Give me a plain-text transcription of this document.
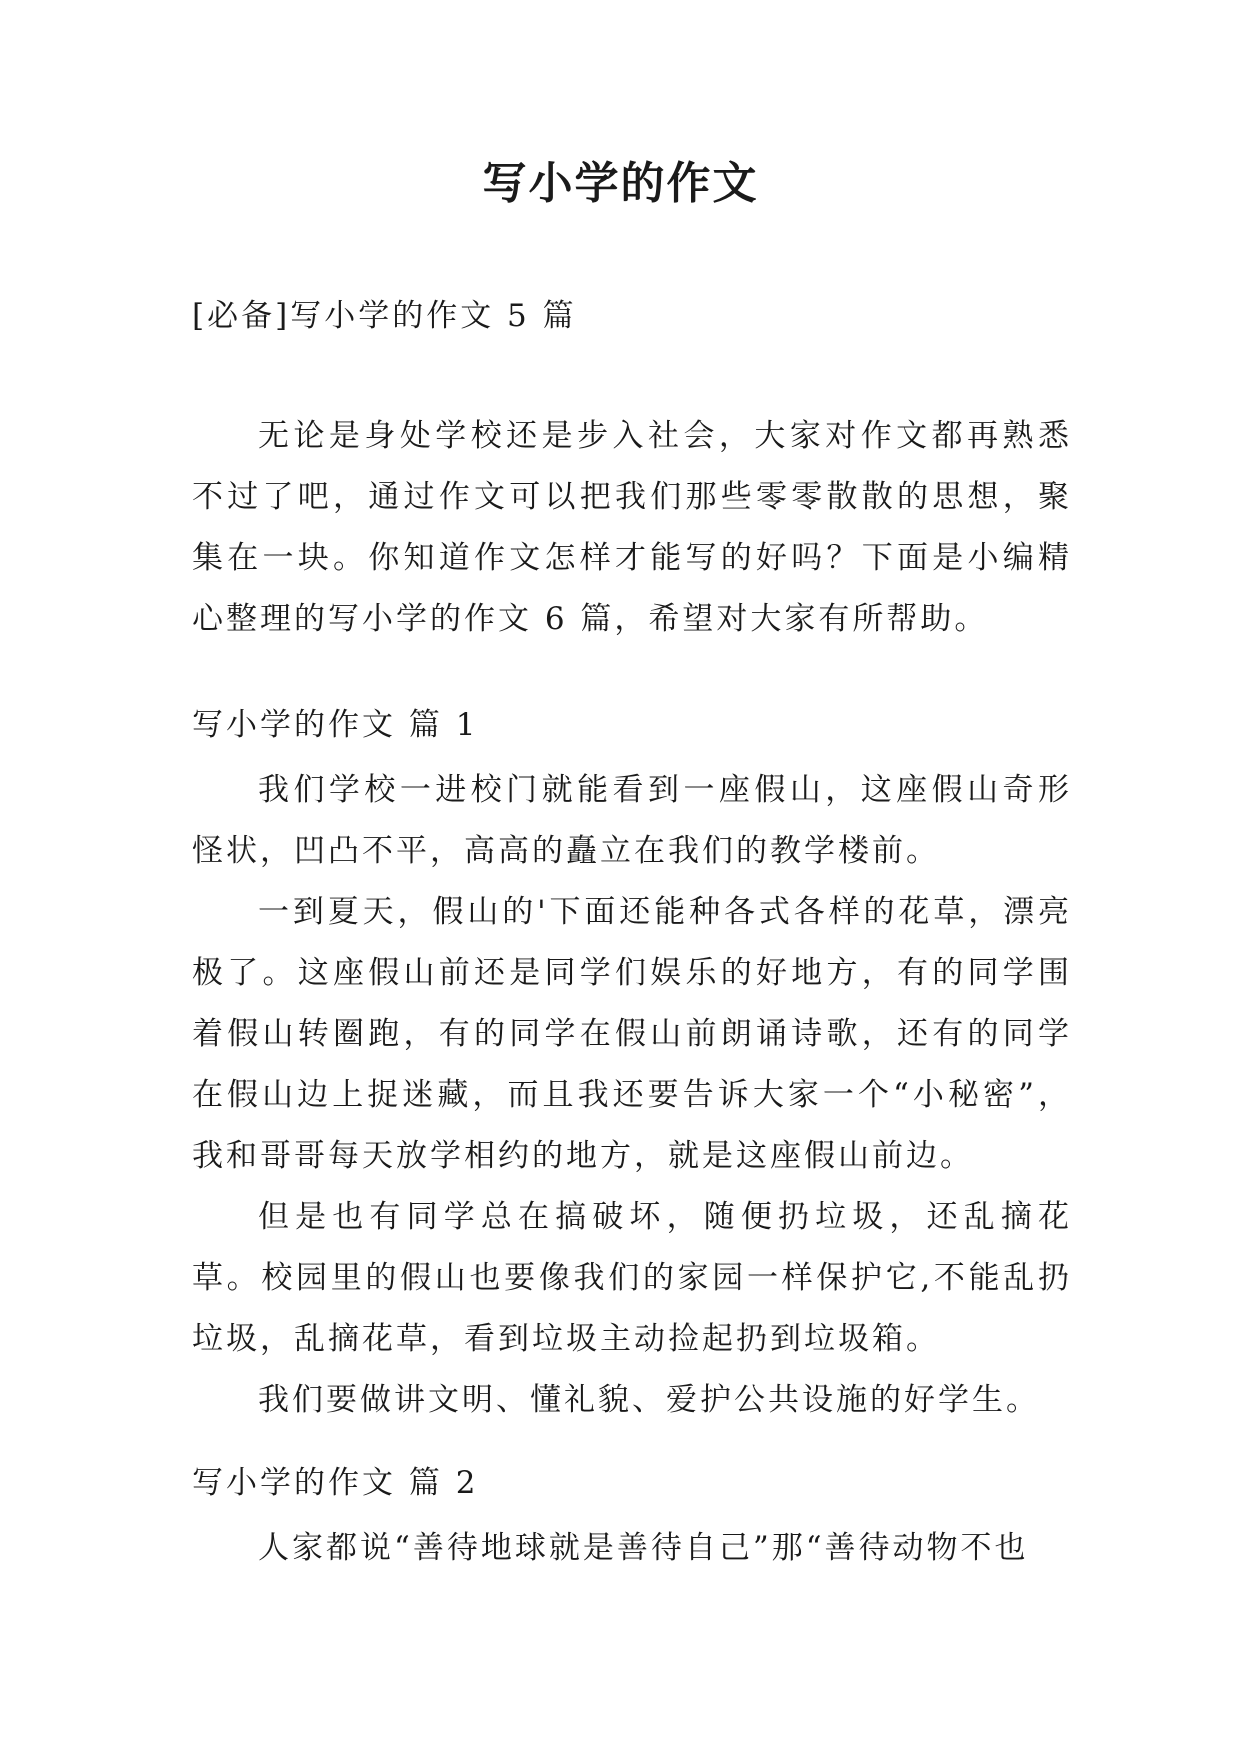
写小学的作文
[必备]写小学的作文 5 篇

无论是身处学校还是步入社会，大家对作文都再熟悉不过了吧，通过作文可以把我们那些零零散散的思想，聚集在一块。你知道作文怎样才能写的好吗？下面是小编精心整理的写小学的作文 6 篇，希望对大家有所帮助。

写小学的作文 篇 1

我们学校一进校门就能看到一座假山，这座假山奇形怪状，凹凸不平，高高的矗立在我们的教学楼前。

一到夏天，假山的'下面还能种各式各样的花草，漂亮极了。这座假山前还是同学们娱乐的好地方，有的同学围着假山转圈跑，有的同学在假山前朗诵诗歌，还有的同学在假山边上捉迷藏，而且我还要告诉大家一个“小秘密”，我和哥哥每天放学相约的地方，就是这座假山前边。

但是也有同学总在搞破坏，随便扔垃圾，还乱摘花草。校园里的假山也要像我们的家园一样保护它,不能乱扔垃圾，乱摘花草，看到垃圾主动捡起扔到垃圾箱。

我们要做讲文明、懂礼貌、爱护公共设施的好学生。

写小学的作文 篇 2

人家都说“善待地球就是善待自己”那“善待动物不也
